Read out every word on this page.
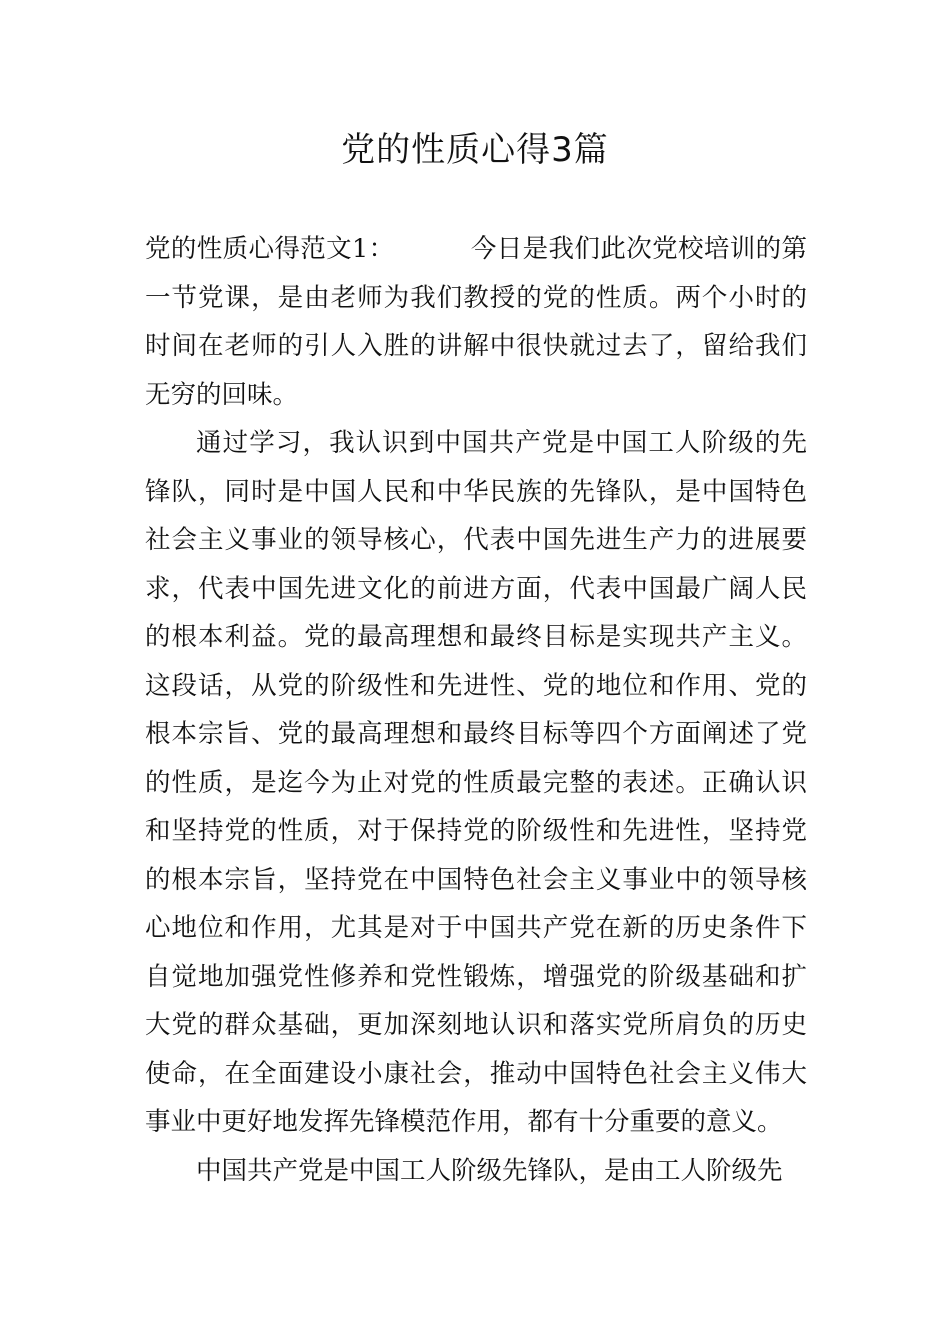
党的性质心得3篇

党的性质心得范文1：	今日是我们此次党校培训的第一节党课，是由老师为我们教授的党的性质。两个小时的时间在老师的引人入胜的讲解中很快就过去了，留给我们无穷的回味。

通过学习，我认识到中国共产党是中国工人阶级的先锋队，同时是中国人民和中华民族的先锋队，是中国特色社会主义事业的领导核心，代表中国先进生产力的进展要求，代表中国先进文化的前进方面，代表中国最广阔人民的根本利益。党的最高理想和最终目标是实现共产主义。这段话，从党的阶级性和先进性、党的地位和作用、党的根本宗旨、党的最高理想和最终目标等四个方面阐述了党的性质，是迄今为止对党的性质最完整的表述。正确认识和坚持党的性质，对于保持党的阶级性和先进性，坚持党的根本宗旨，坚持党在中国特色社会主义事业中的领导核心地位和作用，尤其是对于中国共产党在新的历史条件下自觉地加强党性修养和党性锻炼，增强党的阶级基础和扩大党的群众基础，更加深刻地认识和落实党所肩负的历史使命，在全面建设小康社会，推动中国特色社会主义伟大事业中更好地发挥先锋模范作用，都有十分重要的意义。

中国共产党是中国工人阶级先锋队，是由工人阶级先
